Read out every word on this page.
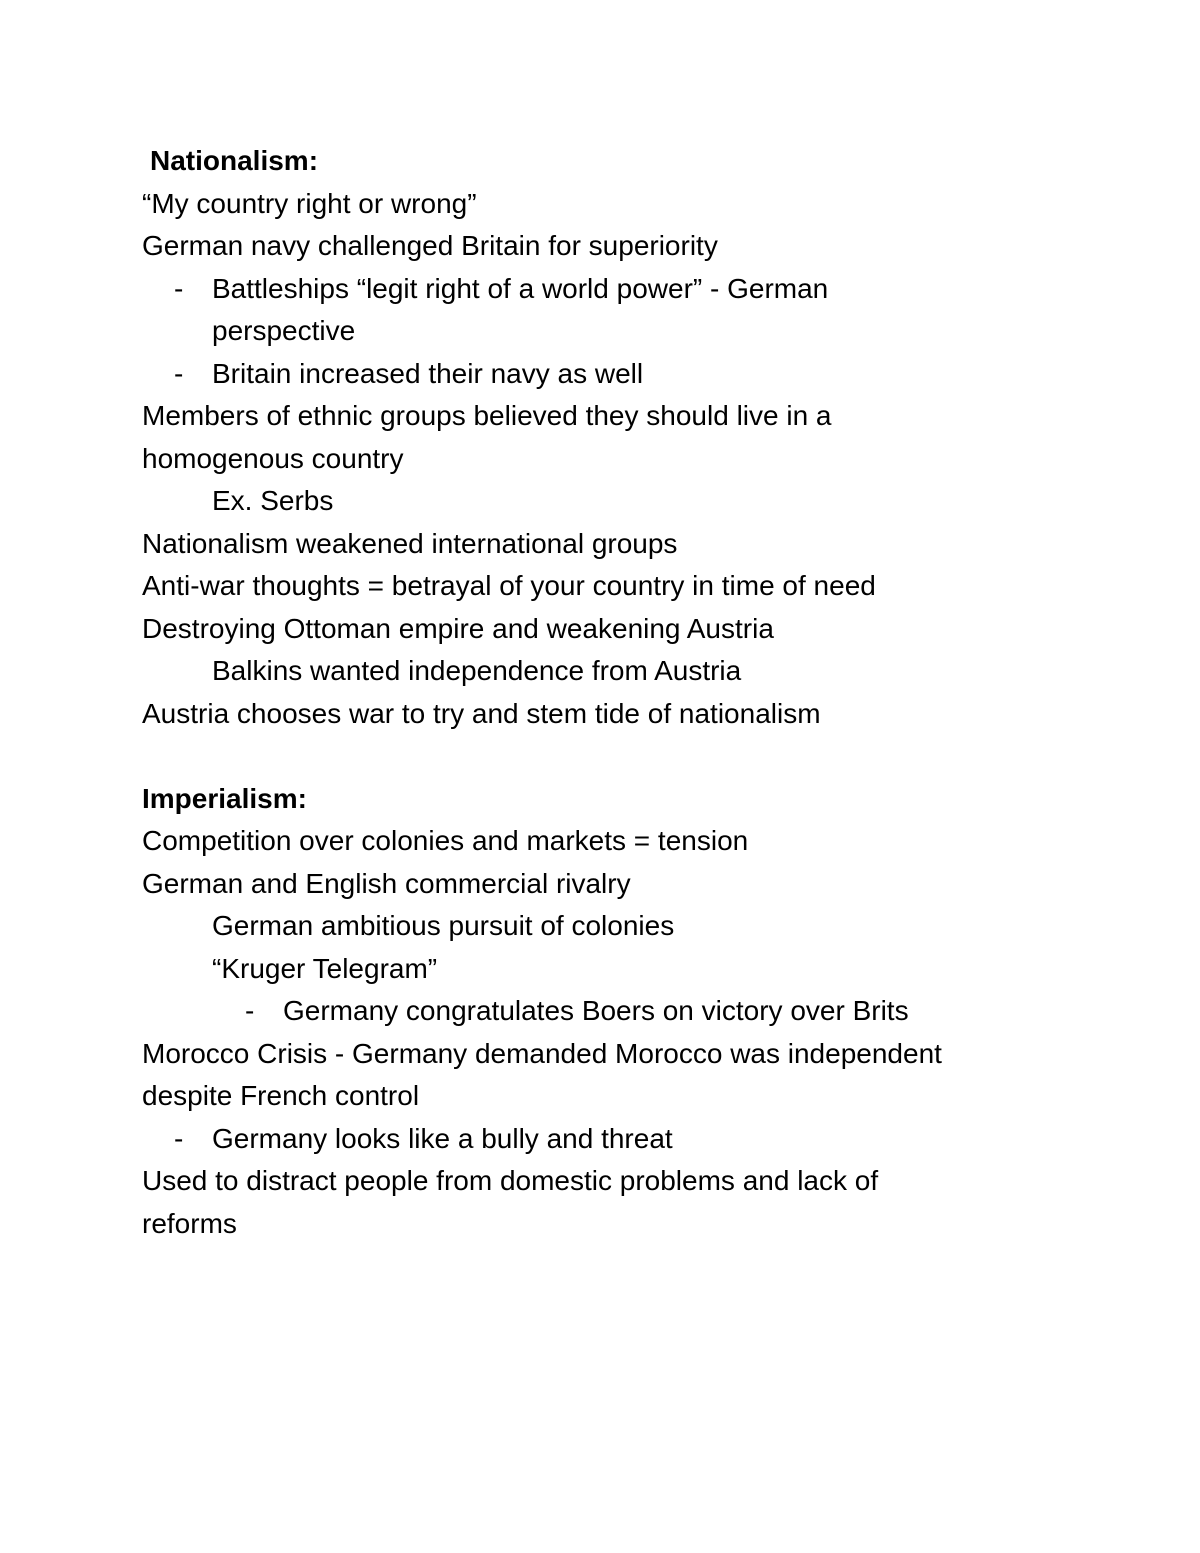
Nationalism:
“My country right or wrong”
German navy challenged Britain for superiority
- Battleships “legit right of a world power” - German
perspective
- Britain increased their navy as well
Members of ethnic groups believed they should live in a
homogenous country
Ex. Serbs
Nationalism weakened international groups
Anti-war thoughts = betrayal of your country in time of need
Destroying Ottoman empire and weakening Austria
Balkins wanted independence from Austria
Austria chooses war to try and stem tide of nationalism
Imperialism:
Competition over colonies and markets = tension
German and English commercial rivalry
German ambitious pursuit of colonies
“Kruger Telegram”
- Germany congratulates Boers on victory over Brits
Morocco Crisis - Germany demanded Morocco was independent
despite French control
- Germany looks like a bully and threat
Used to distract people from domestic problems and lack of
reforms
